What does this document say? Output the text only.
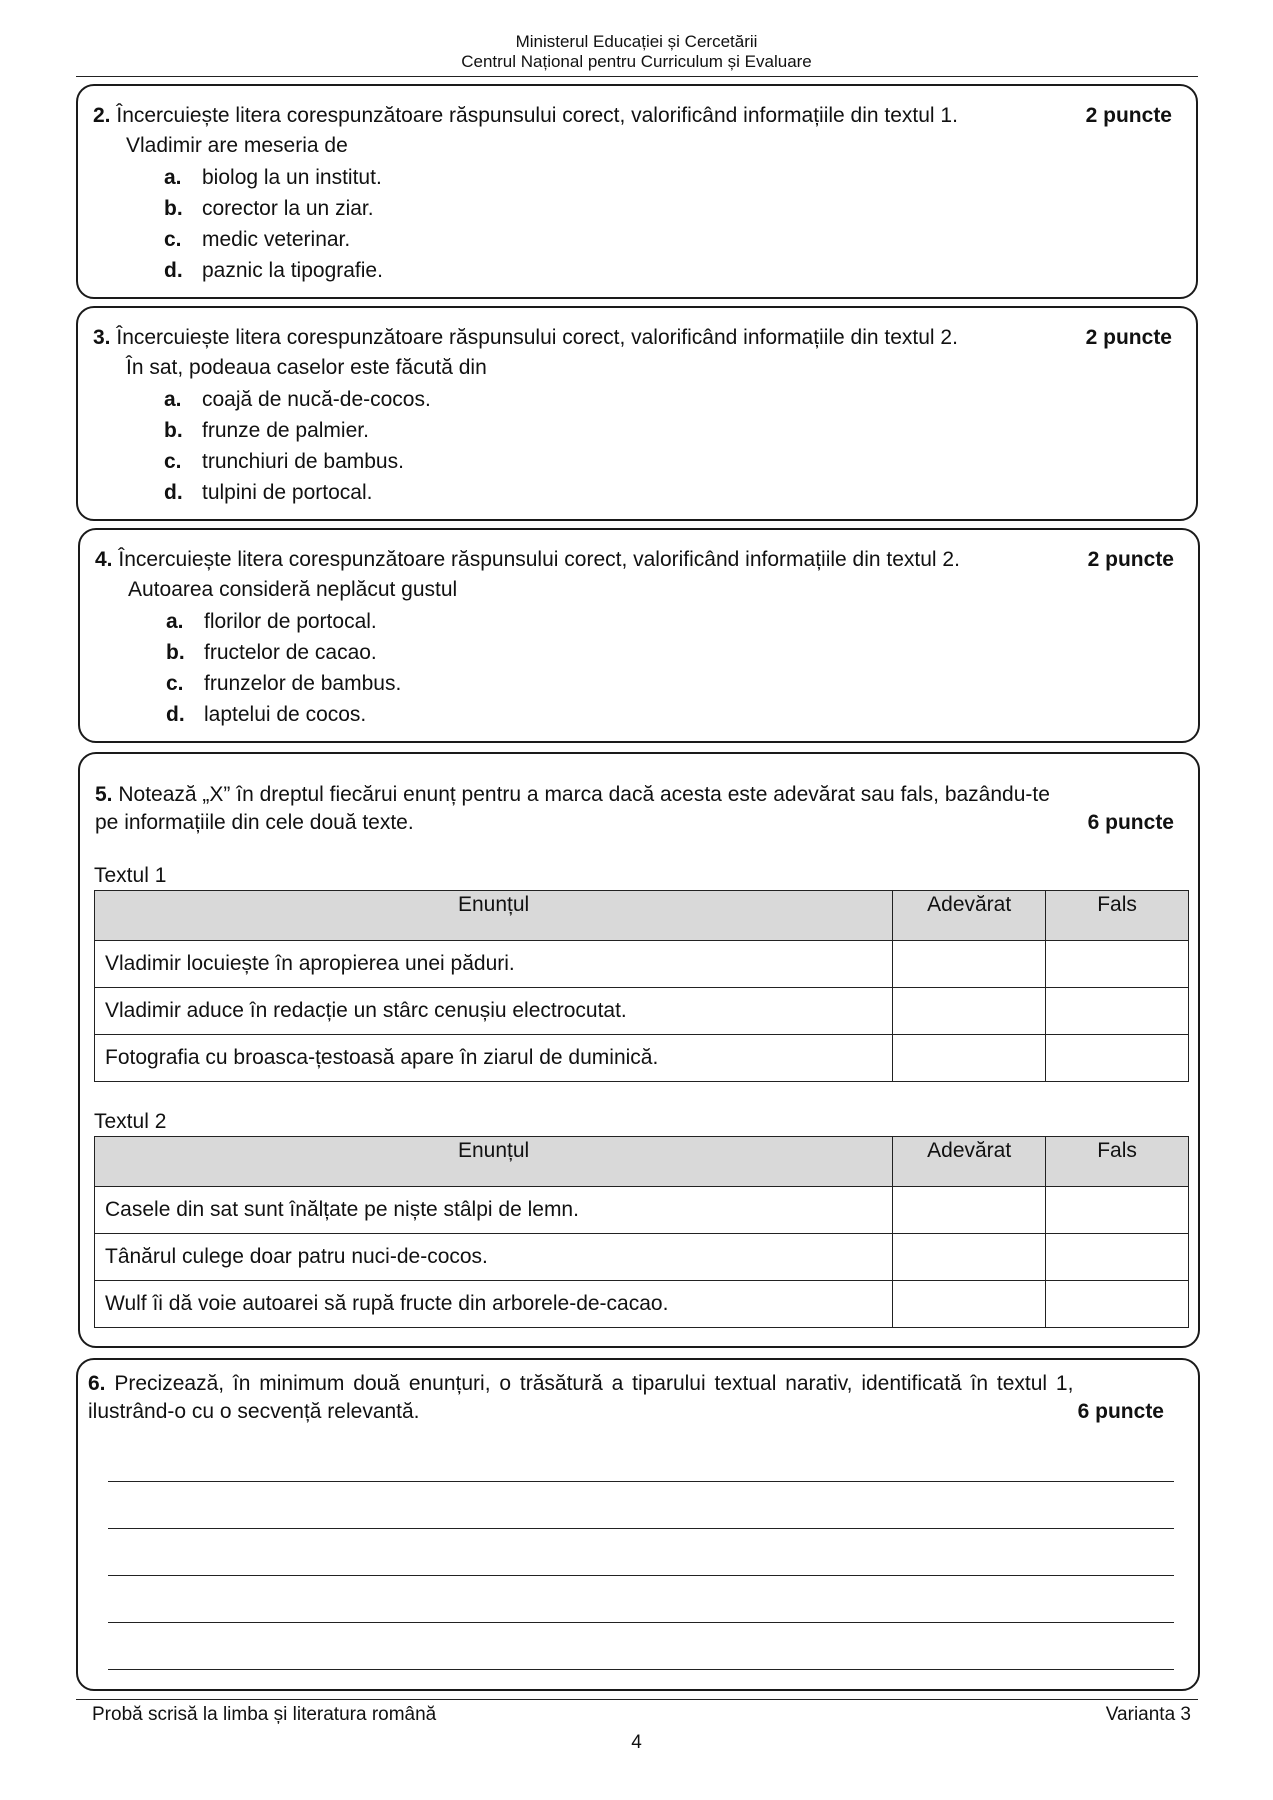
Ministerul Educației și Cercetării
Centrul Național pentru Curriculum și Evaluare
2. Încercuiește litera corespunzătoare răspunsului corect, valorificând informațiile din textul 1.	2 puncte
Vladimir are meseria de
a. biolog la un institut.
b. corector la un ziar.
c. medic veterinar.
d. paznic la tipografie.
3. Încercuiește litera corespunzătoare răspunsului corect, valorificând informațiile din textul 2.	2 puncte
În sat, podeaua caselor este făcută din
a. coajă de nucă-de-cocos.
b. frunze de palmier.
c. trunchiuri de bambus.
d. tulpini de portocal.
4. Încercuiește litera corespunzătoare răspunsului corect, valorificând informațiile din textul 2.	2 puncte
Autoarea consideră neplăcut gustul
a. florilor de portocal.
b. fructelor de cacao.
c. frunzelor de bambus.
d. laptelui de cocos.
5. Notează „X” în dreptul fiecărui enunț pentru a marca dacă acesta este adevărat sau fals, bazându-te
pe informațiile din cele două texte.	6 puncte
Textul 1
Enunțul	Adevărat	Fals
Vladimir locuiește în apropierea unei păduri.		
Vladimir aduce în redacție un stârc cenușiu electrocutat.		
Fotografia cu broasca-țestoasă apare în ziarul de duminică.		
Textul 2
Enunțul	Adevărat	Fals
Casele din sat sunt înălțate pe niște stâlpi de lemn.		
Tânărul culege doar patru nuci-de-cocos.		
Wulf îi dă voie autoarei să rupă fructe din arborele-de-cacao.		
6. Precizează, în minimum două enunțuri, o trăsătură a tiparului textual narativ, identificată în textul 1,
ilustrând-o cu o secvență relevantă.	6 puncte
Probă scrisă la limba și literatura română	Varianta 3
4
